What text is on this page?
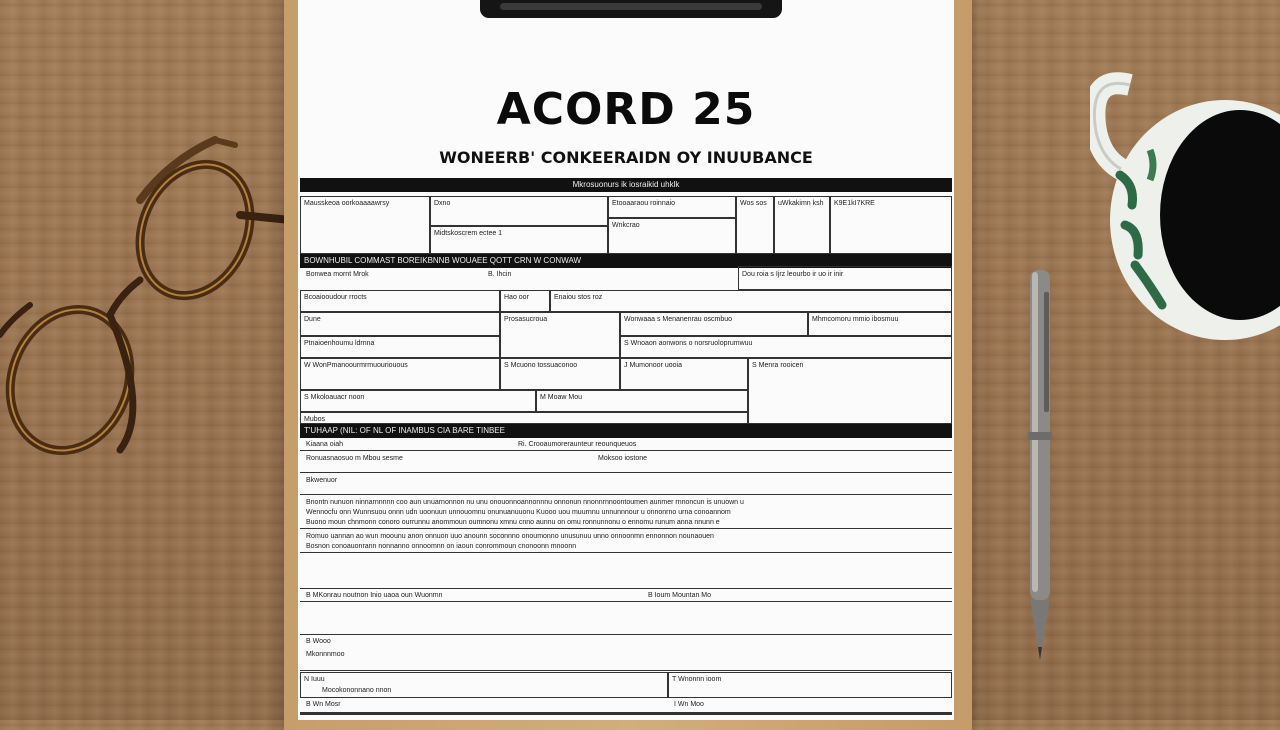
ACORD 25
WONEERB' CONKEERAIDN OY INUUBANCE
Mkrosuonurs ik iosraikid uhklk
Mausskeoa oorkoaaaawrsy	Dxno
Midtskoscrem ectee 1
Etooaaraou roinnaio
Wnkcrao
Wos sos	uWkakimn ksh	K9E1kI7KRE
BOWNHUBIL COMMAST BOREIKBNNB WOUAEE QOTT CRN W CONWAW
Bonwea mornt Mrok	B. Ihcin	Dou roia s Ijrz leourbo ir uo ir inir
Bcoaiooudour rrocts	Hao oor	Enaiou stos roz
Dune	Prosasucroua	Wonwaaa s Menanenrau oscmbuo	Mhmcomoru mmio ibosmuu
Ptnaioenhoumu ldrnna	S Wnoaon aonwons o norsruoloprumwuu
W WonPmanoourmrmuouriouous	S Mcuono tossuaconoo	J Mumonoor uooia	S Menra rooicen
S Mkoloauacr noon	M Moaw Mou
Mubos
T'UHAAP (NIL: OF NL OF INAMBUS CIA BARE TINBEE
Kiaana oiah	Ri. Crooaumoreraunteur reounqueuos
Ronuasnaosuo m Mbou sesme	Moksoo iostone
Bkwenuor
Bnontn nunuon ninnarnnnnn coo aun unuarnonnon nu unu onouonnoannonnnu onnonun nnonnrnnoontoumen aunmer rnnoncun is unuown u
Wennocfu onn Wunnsuou onnn udn uoonuun unnouomnu onunuanuuonu Kuooo uou muurnnu unnunnnour u onnonrno urna conoannom
Buono moun chnmonn conoro ourrunnu anommoun oumnonu xmnu cnno aunnu on omu ronnunnonu o ennomu runum anna nnunn e
Romuo uannan ao wun moounu anon onnuon uuo anounn soconnno onoumonno unusunuu unno onnoonmn ennonnon nounaouen
Bosnon conoauonrann nonnanno onnoomnn on iaoun conrommoun cnonoonn mnoonn
B MKonrau noutnon Inio uaoa oun Wuonmn	B Ioum Mountan Mo
B Wooo
Mkonnnmoo
N Iuuu
Mocokononnano nnon
T Wnonnn ioom
B Wn Mosr	I Wn Moo
